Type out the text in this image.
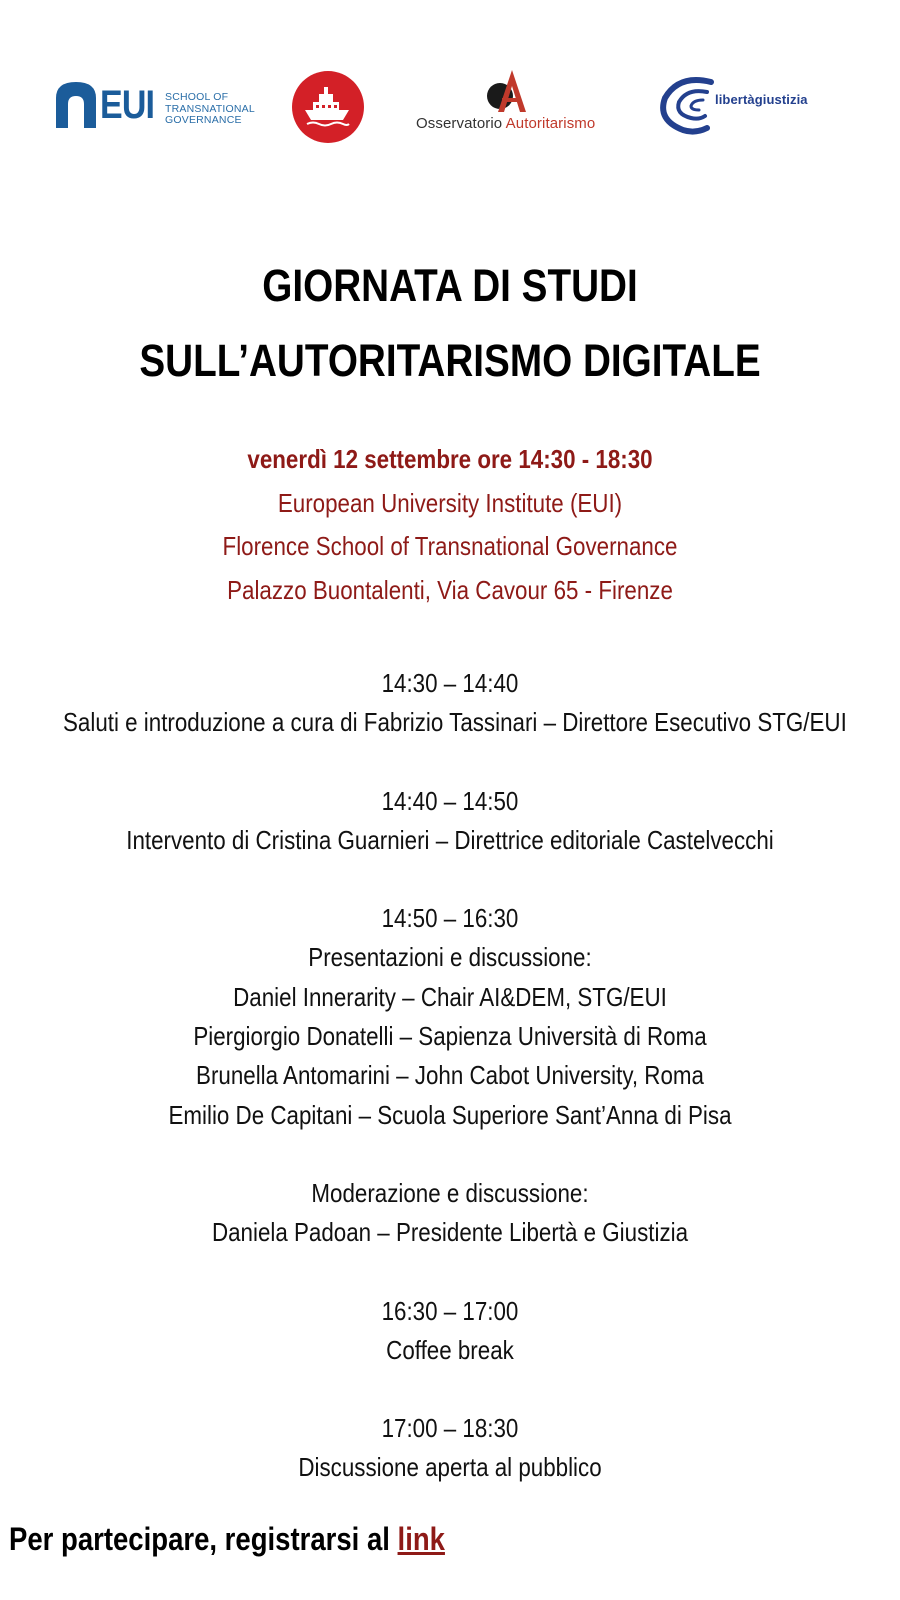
EUI SCHOOL OF
TRANSNATIONAL
GOVERNANCE	Osservatorio Autoritarismo
libertàgiustizia
GIORNATA DI STUDI
SULL’AUTORITARISMO DIGITALE
venerdì 12 settembre ore 14:30 - 18:30
European University Institute (EUI)
Florence School of Transnational Governance
Palazzo Buontalenti, Via Cavour 65 - Firenze
14:30 – 14:40
Saluti e introduzione a cura di Fabrizio Tassinari – Direttore Esecutivo STG/EUI
14:40 – 14:50
Intervento di Cristina Guarnieri – Direttrice editoriale Castelvecchi
14:50 – 16:30
Presentazioni e discussione:
Daniel Innerarity – Chair AI&DEM, STG/EUI
Piergiorgio Donatelli – Sapienza Università di Roma
Brunella Antomarini – John Cabot University, Roma
Emilio De Capitani – Scuola Superiore Sant’Anna di Pisa
Moderazione e discussione:
Daniela Padoan – Presidente Libertà e Giustizia
16:30 – 17:00
Coffee break
17:00 – 18:30
Discussione aperta al pubblico
Per partecipare, registrarsi al link
